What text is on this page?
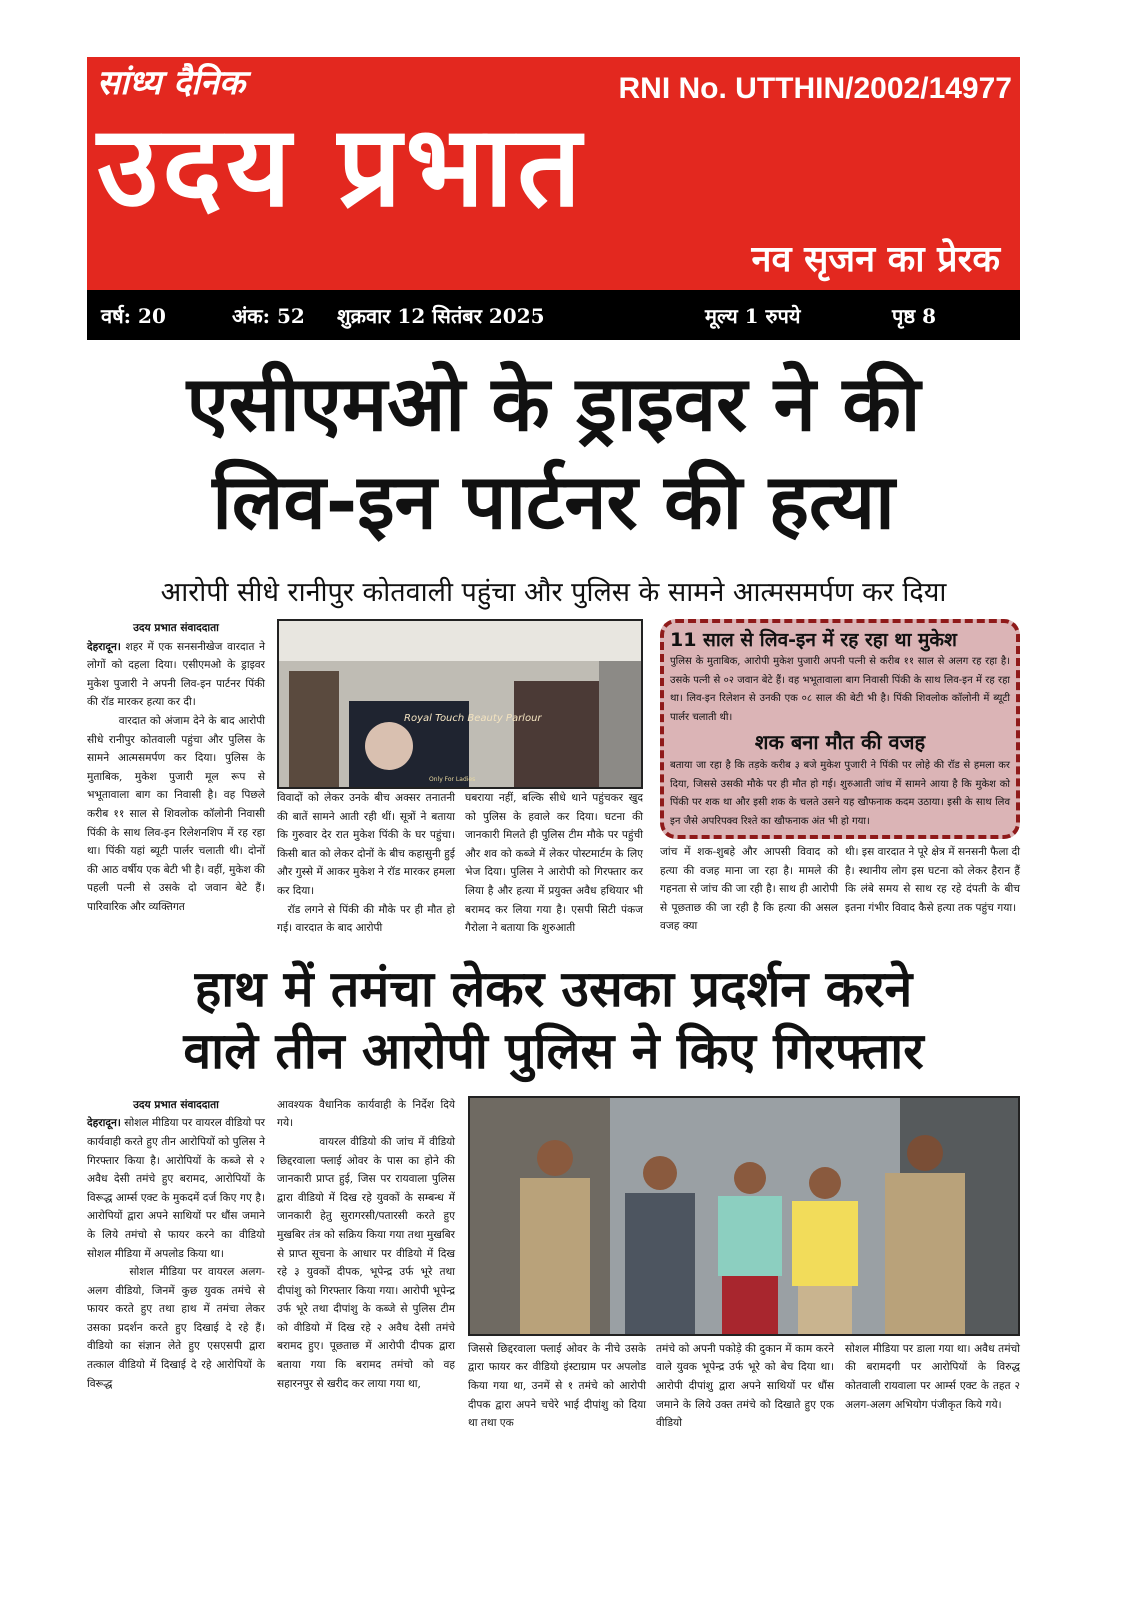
सांध्य दैनिक	RNI No. UTTHIN/2002/14977
उदय प्रभात
नव सृजन का प्रेरक
वर्ष: 20	अंक: 52 शुक्रवार 12 सितंबर 2025	मूल्य 1 रुपये	पृष्ठ 8
एसीएमओ के ड्राइवर ने की
लिव-इन पार्टनर की हत्या
आरोपी सीधे रानीपुर कोतवाली पहुंचा और पुलिस के सामने आत्मसमर्पण कर दिया
उदय प्रभात संवाददाता

देहरादून। शहर में एक सनसनीखेज वारदात ने लोगों को दहला दिया। एसीएमओ के ड्राइवर मुकेश पुजारी ने अपनी लिव-इन पार्टनर पिंकी की रॉड मारकर हत्या कर दी।

वारदात को अंजाम देने के बाद आरोपी सीधे रानीपुर कोतवाली पहुंचा और पुलिस के सामने आत्मसमर्पण कर दिया। पुलिस के मुताबिक, मुकेश पुजारी मूल रूप से भभूतावाला बाग का निवासी है। वह पिछले करीब ११ साल से शिवलोक कॉलोनी निवासी पिंकी के साथ लिव-इन रिलेशनशिप में रह रहा था। पिंकी यहां ब्यूटी पार्लर चलाती थी। दोनों की आठ वर्षीय एक बेटी भी है। वहीं, मुकेश की पहली पत्नी से उसके दो जवान बेटे हैं। पारिवारिक और व्यक्तिगत

Royal Touch Beauty Parlour
Only For Ladies

विवादों को लेकर उनके बीच अक्सर तनातनी की बातें सामने आती रही थीं। सूत्रों ने बताया कि गुरुवार देर रात मुकेश पिंकी के घर पहुंचा। किसी बात को लेकर दोनों के बीच कहासुनी हुई और गुस्से में आकर मुकेश ने रॉड मारकर हमला कर दिया।

रॉड लगने से पिंकी की मौके पर ही मौत हो गई। वारदात के बाद आरोपी

घबराया नहीं, बल्कि सीधे थाने पहुंचकर खुद को पुलिस के हवाले कर दिया। घटना की जानकारी मिलते ही पुलिस टीम मौके पर पहुंची और शव को कब्जे में लेकर पोस्टमार्टम के लिए भेज दिया। पुलिस ने आरोपी को गिरफ्तार कर लिया है और हत्या में प्रयुक्त अवैध हथियार भी बरामद कर लिया गया है। एसपी सिटी पंकज गैरोला ने बताया कि शुरुआती

11 साल से लिव-इन में रह रहा था मुकेश

पुलिस के मुताबिक, आरोपी मुकेश पुजारी अपनी पत्नी से करीब ११ साल से अलग रह रहा है। उसके पत्नी से ०२ जवान बेटे हैं। वह भभूतावाला बाग निवासी पिंकी के साथ लिव-इन में रह रहा था। लिव-इन रिलेशन से उनकी एक ०८ साल की बेटी भी है। पिंकी शिवलोक कॉलोनी में ब्यूटी पार्लर चलाती थी।

शक बना मौत की वजह

बताया जा रहा है कि तड़के करीब ३ बजे मुकेश पुजारी ने पिंकी पर लोहे की रॉड से हमला कर दिया, जिससे उसकी मौके पर ही मौत हो गई। शुरुआती जांच में सामने आया है कि मुकेश को पिंकी पर शक था और इसी शक के चलते उसने यह खौफनाक कदम उठाया। इसी के साथ लिव इन जैसे अपरिपक्व रिश्ते का खौफनाक अंत भी हो गया।

जांच में शक-शुबहे और आपसी विवाद को हत्या की वजह माना जा रहा है। मामले की गहनता से जांच की जा रही है। साथ ही आरोपी से पूछताछ की जा रही है कि हत्या की असल वजह क्या

थी। इस वारदात ने पूरे क्षेत्र में सनसनी फैला दी है। स्थानीय लोग इस घटना को लेकर हैरान हैं कि लंबे समय से साथ रह रहे दंपती के बीच इतना गंभीर विवाद कैसे हत्या तक पहुंच गया।

हाथ में तमंचा लेकर उसका प्रदर्शन करने
वाले तीन आरोपी पुलिस ने किए गिरफ्तार
उदय प्रभात संवाददाता

देहरादून। सोशल मीडिया पर वायरल वीडियो पर कार्यवाही करते हुए तीन आरोपियों को पुलिस ने गिरफ्तार किया है। आरोपियों के कब्जे से २ अवैध देसी तमंचे हुए बरामद, आरोपियों के विरूद्ध आर्म्स एक्ट के मुकदमें दर्ज किए गए है। आरोपियों द्वारा अपने साथियों पर धौंस जमाने के लिये तमंचो से फायर करने का वीडियो सोशल मीडिया में अपलोड किया था।

सोशल मीडिया पर वायरल अलग-अलग वीडियो, जिनमें कुछ युवक तमंचे से फायर करते हुए तथा हाथ में तमंचा लेकर उसका प्रदर्शन करते हुए दिखाई दे रहे हैं। वीडियो का संज्ञान लेते हुए एसएसपी द्वारा तत्काल वीडियो में दिखाई दे रहे आरोपियों के विरूद्ध

आवश्यक वैधानिक कार्यवाही के निर्देश दिये गये।

वायरल वीडियो की जांच में वीडियो छिद्दरवाला फ्लाई ओवर के पास का होने की जानकारी प्राप्त हुई, जिस पर रायवाला पुलिस द्वारा वीडियो में दिख रहे युवकों के सम्बन्ध में जानकारी हेतु सुरागरसी/पतारसी करते हुए मुखबिर तंत्र को सक्रिय किया गया तथा मुखबिर से प्राप्त सूचना के आधार पर वीडियो में दिख रहे ३ युवकों दीपक, भूपेन्द्र उर्फ भूरे तथा दीपांशु को गिरफ्तार किया गया। आरोपी भूपेन्द्र उर्फ भूरे तथा दीपांशु के कब्जे से पुलिस टीम को वीडियो में दिख रहे २ अवैध देसी तमंचे बरामद हुए। पूछताछ में आरोपी दीपक द्वारा बताया गया कि बरामद तमंचो को वह सहारनपुर से खरीद कर लाया गया था,

जिससे छिद्दरवाला फ्लाई ओवर के नीचे उसके द्वारा फायर कर वीडियो इंस्टाग्राम पर अपलोड किया गया था, उनमें से १ तमंचे को आरोपी दीपक द्वारा अपने चचेरे भाई दीपांशु को दिया था तथा एक

तमंचे को अपनी पकोड़े की दुकान में काम करने वाले युवक भूपेन्द्र उर्फ भूरे को बेच दिया था। आरोपी दीपांशु द्वारा अपने साथियों पर धौंस जमाने के लिये उक्त तमंचे को दिखाते हुए एक वीडियो

सोशल मीडिया पर डाला गया था। अवैध तमंचो की बरामदगी पर आरोपियों के विरुद्ध कोतवाली रायवाला पर आर्म्स एक्ट के तहत २ अलग-अलग अभियोग पंजीकृत किये गये।
